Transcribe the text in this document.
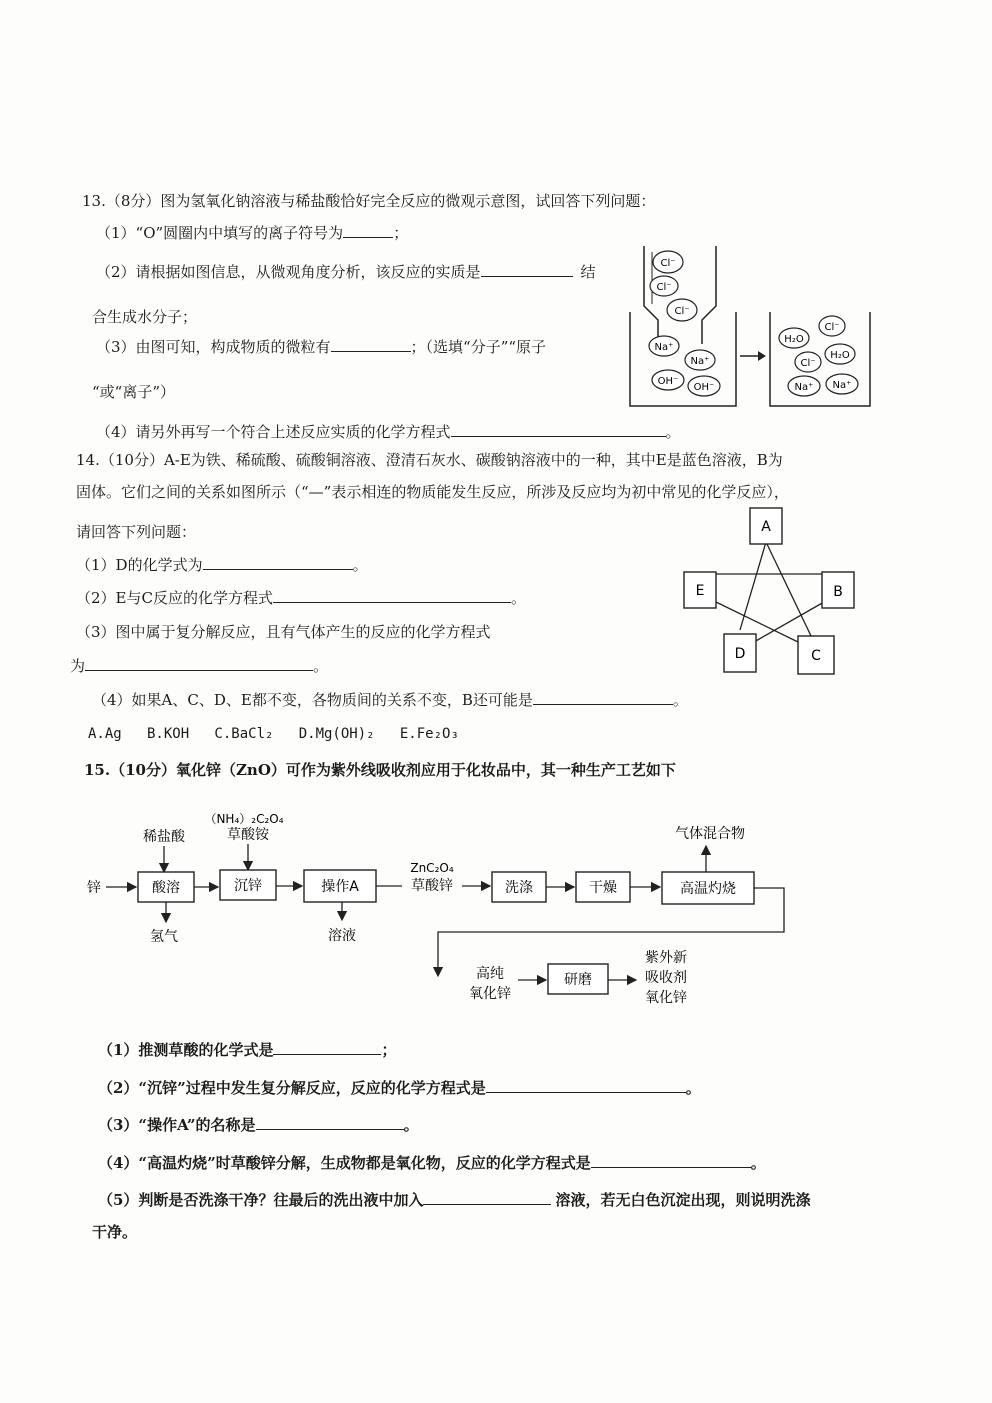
13.（8分）图为氢氧化钠溶液与稀盐酸恰好完全反应的微观示意图，试回答下列问题：
（1）“O”圆圈内中填写的离子符号为	；
（2）请根据如图信息，从微观角度分析，该反应的实质是	结
合生成水分子；
（3）由图可知，构成物质的微粒有	；（选填“分子”“原子
“或“离子”）
（4）请另外再写一个符合上述反应实质的化学方程式	。
Cl⁻
Cl⁻
Cl⁻
Na⁺
Na⁺
OH⁻
OH⁻
H₂O
Cl⁻
Cl⁻
H₂O
Na⁺ Na⁺
14.（10分）A-E为铁、稀硫酸、硫酸铜溶液、澄清石灰水、碳酸钠溶液中的一种，其中E是蓝色溶液，B为
固体。它们之间的关系如图所示（“—”表示相连的物质能发生反应，所涉及反应均为初中常见的化学反应），
请回答下列问题：
（1）D的化学式为	。
（2）E与C反应的化学方程式	。
（3）图中属于复分解反应，且有气体产生的反应的化学方程式
为	。
（4）如果A、C、D、E都不变，各物质间的关系不变，B还可能是	。
A.Ag   B.KOH   C.BaCl₂   D.Mg(OH)₂   E.Fe₂O₃
A
E	B
D	C
15.（10分）氧化锌（ZnO）可作为紫外线吸收剂应用于化妆品中，其一种生产工艺如下
锌
稀盐酸
酸溶
氢气
（NH₄）₂C₂O₄
草酸铵
沉锌	操作A
溶液
ZnC₂O₄
草酸锌	洗涤	干燥	高温灼烧
气体混合物
高纯
氧化锌
研磨
紫外新
吸收剂
氧化锌
（1）推测草酸的化学式是	；
（2）“沉锌”过程中发生复分解反应，反应的化学方程式是	。
（3）“操作A”的名称是	。
（4）“高温灼烧”时草酸锌分解，生成物都是氧化物，反应的化学方程式是	。
（5）判断是否洗涤干净？往最后的洗出液中加入	溶液，若无白色沉淀出现，则说明洗涤
干净。
